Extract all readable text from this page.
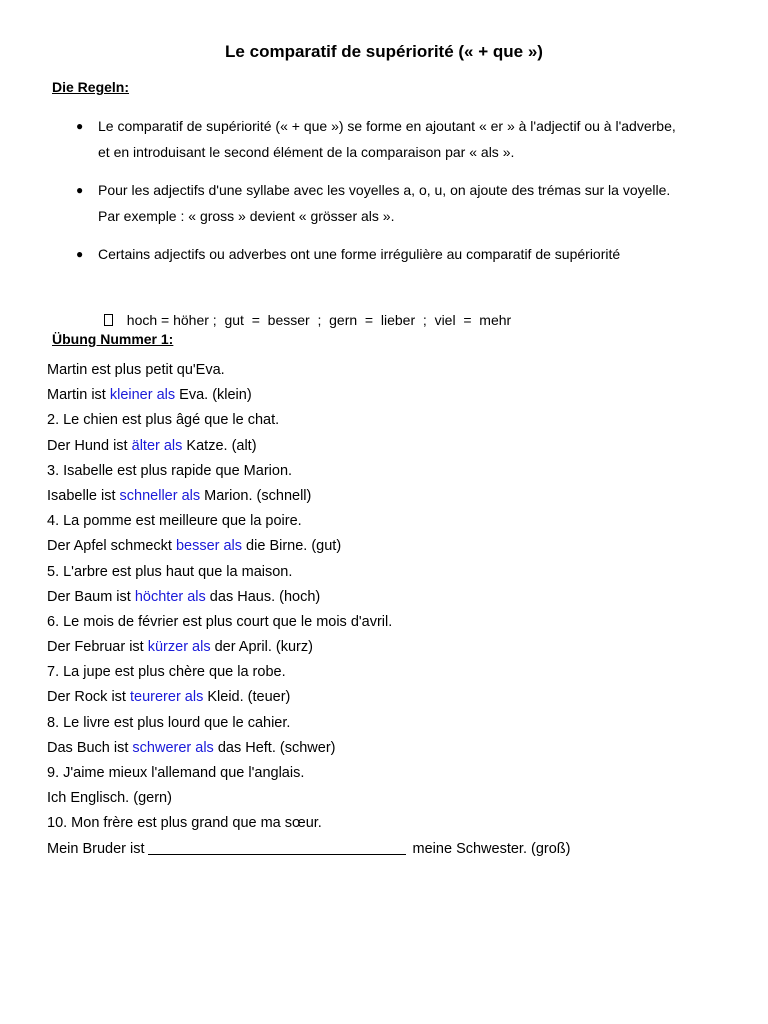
Le comparatif de supériorité (« + que »)
Die Regeln:
●	Le comparatif de supériorité (« + que ») se forme en ajoutant « er » à l'adjectif ou à l'adverbe, et en introduisant le second élément de la comparaison par « als ».
●	Pour les adjectifs d'une syllabe avec les voyelles a, o, u, on ajoute des trémas sur la voyelle. Par exemple : « gross » devient « grösser als ».
●	Certains adjectifs ou adverbes ont une forme irrégulière au comparatif de supériorité

hoch = höher ;  gut  =  besser  ;  gern  =  lieber  ;  viel  =  mehr

Übung Nummer 1:
Martin est plus petit qu'Eva.
Martin ist kleiner als Eva. (klein)
2. Le chien est plus âgé que le chat.
Der Hund ist älter als Katze. (alt)
3. Isabelle est plus rapide que Marion.
Isabelle ist schneller als Marion. (schnell)
4. La pomme est meilleure que la poire.
Der Apfel schmeckt besser als die Birne. (gut)
5. L'arbre est plus haut que la maison.
Der Baum ist höchter als das Haus. (hoch)
6. Le mois de février est plus court que le mois d'avril.
Der Februar ist kürzer als der April. (kurz)
7. La jupe est plus chère que la robe.
Der Rock ist teurerer als Kleid. (teuer)
8. Le livre est plus lourd que le cahier.
Das Buch ist schwerer als das Heft. (schwer)
9. J'aime mieux l'allemand que l'anglais.
Ich Englisch. (gern)
10. Mon frère est plus grand que ma sœur.
Mein Bruder ist	meine Schwester. (groß)
